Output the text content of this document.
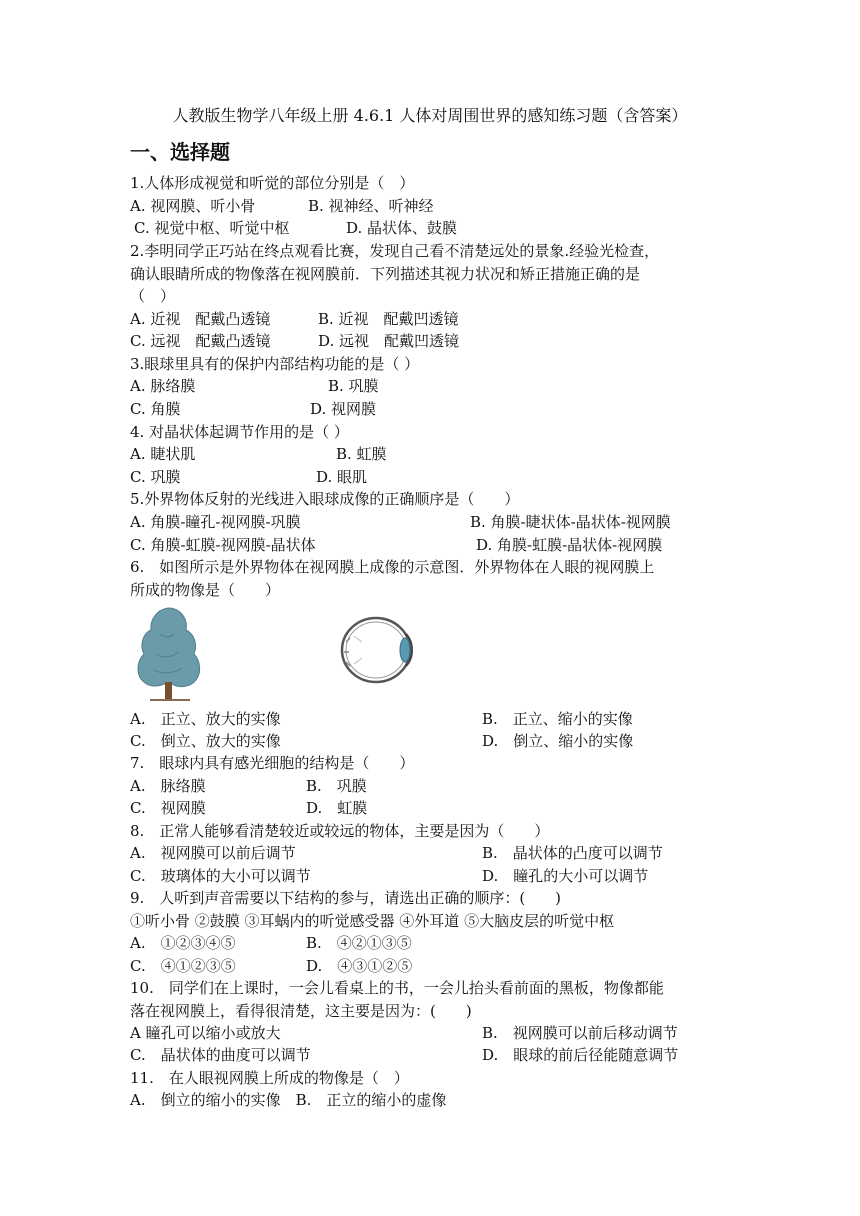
人教版生物学八年级上册 4.6.1 人体对周围世界的感知练习题（含答案）
一、选择题
1.人体形成视觉和听觉的部位分别是（　）
A. 视网膜、听小骨	B. 视神经、听神经
C. 视觉中枢、听觉中枢	D. 晶状体、鼓膜
2.李明同学正巧站在终点观看比赛，发现自己看不清楚远处的景象.经验光检查，
确认眼睛所成的物像落在视网膜前．下列描述其视力状况和矫正措施正确的是
（　）
A. 近视　配戴凸透镜	B. 近视　配戴凹透镜
C. 远视　配戴凸透镜	D. 远视　配戴凹透镜
3.眼球里具有的保护内部结构功能的是（ ）
A. 脉络膜	B. 巩膜
C. 角膜	D. 视网膜
4. 对晶状体起调节作用的是（ ）
A. 睫状肌	B. 虹膜
C. 巩膜	D. 眼肌
5.外界物体反射的光线进入眼球成像的正确顺序是（　　）
A. 角膜-瞳孔-视网膜-巩膜	B. 角膜-睫状体-晶状体-视网膜
C. 角膜-虹膜-视网膜-晶状体	D. 角膜-虹膜-晶状体-视网膜
6.　如图所示是外界物体在视网膜上成像的示意图．外界物体在人眼的视网膜上
所成的物像是（　　）
A.　正立、放大的实像	B.　正立、缩小的实像
C.　倒立、放大的实像	D.　倒立、缩小的实像
7.　眼球内具有感光细胞的结构是（　　）
A.　脉络膜	B.　巩膜
C.　视网膜	D.　虹膜
8.　正常人能够看清楚较近或较远的物体，主要是因为（　　）
A.　视网膜可以前后调节	B.　晶状体的凸度可以调节
C.　玻璃体的大小可以调节	D.　瞳孔的大小可以调节
9.　人听到声音需要以下结构的参与，请选出正确的顺序：(　　)
①听小骨 ②鼓膜 ③耳蜗内的听觉感受器 ④外耳道 ⑤大脑皮层的听觉中枢
A.　①②③④⑤	B.　④②①③⑤
C.　④①②③⑤	D.　④③①②⑤
10.　同学们在上课时，一会儿看桌上的书，一会儿抬头看前面的黑板，物像都能
落在视网膜上，看得很清楚，这主要是因为：(　　)
A 瞳孔可以缩小或放大	B.　视网膜可以前后移动调节
C.　晶状体的曲度可以调节	D.　眼球的前后径能随意调节
11.　在人眼视网膜上所成的物像是（　）
A.　倒立的缩小的实像　B.　正立的缩小的虚像
